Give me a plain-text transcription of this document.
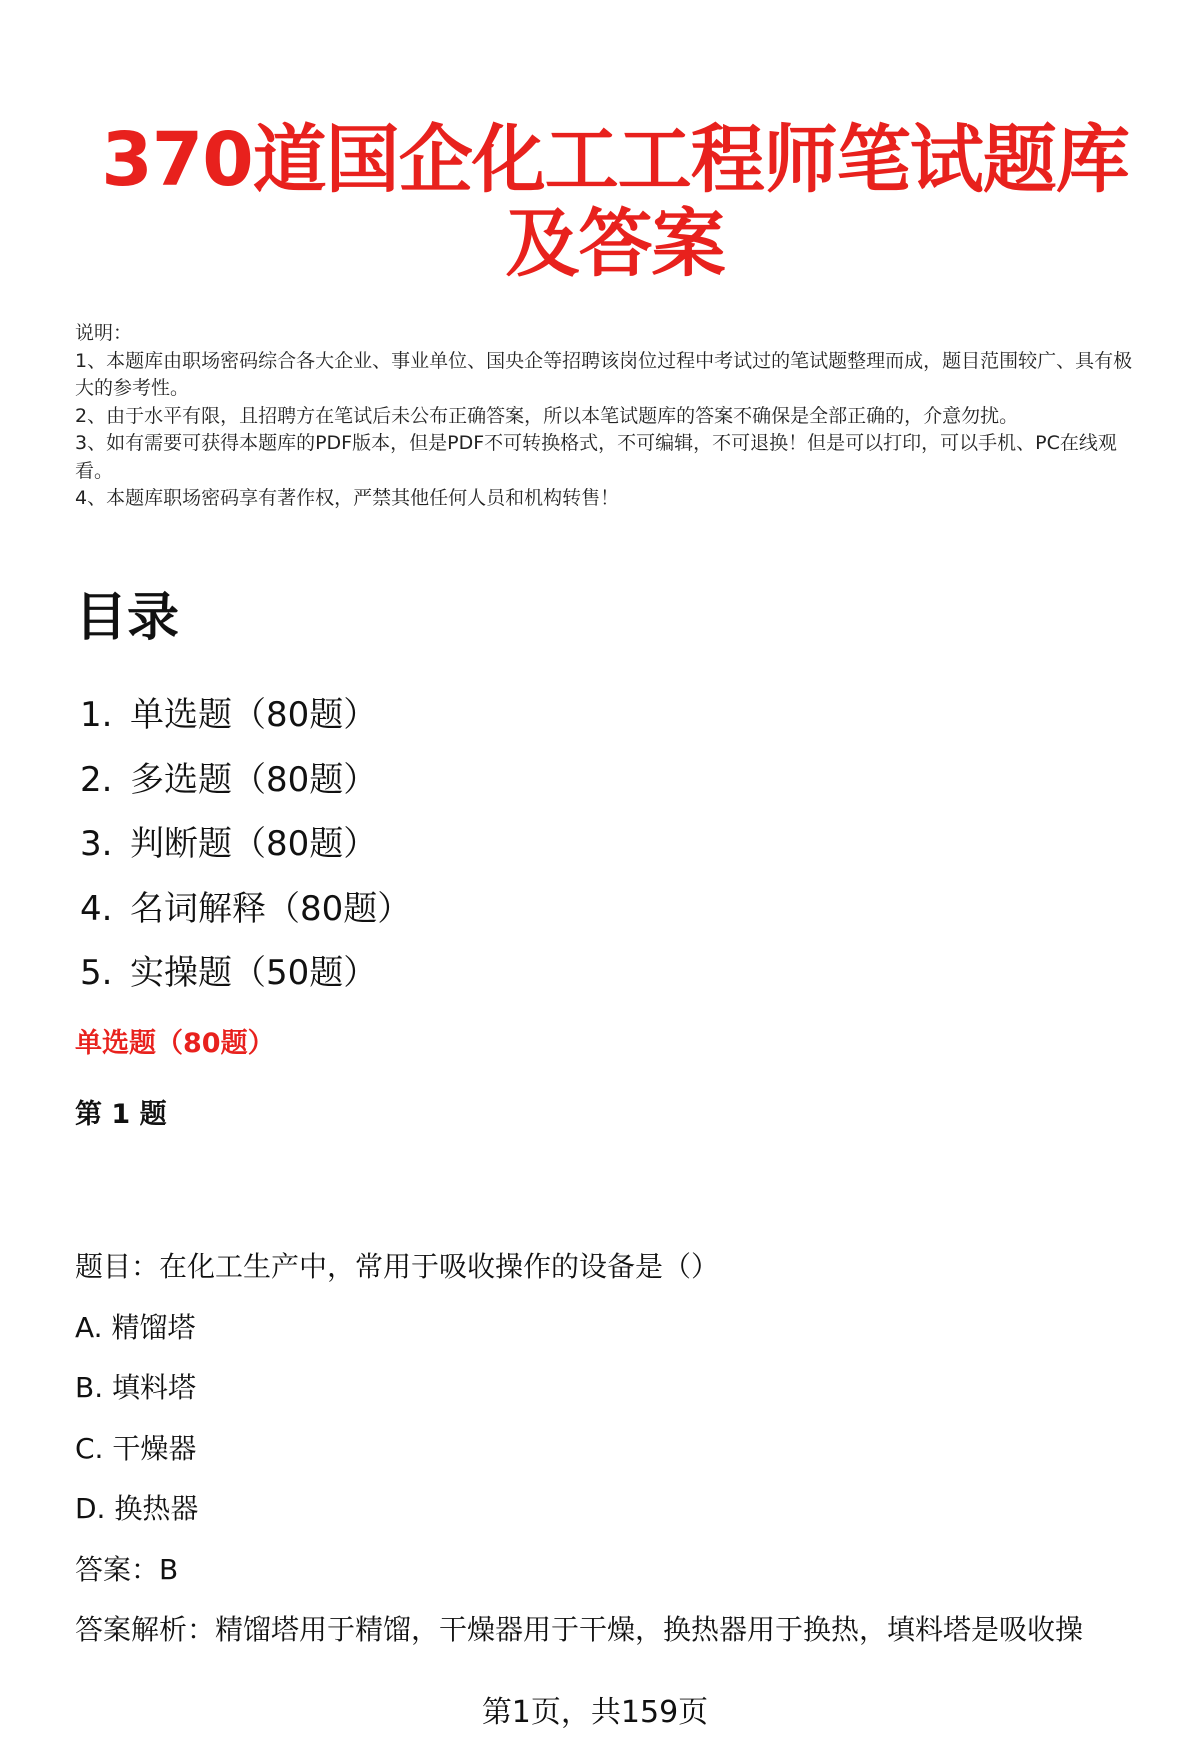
370道国企化工工程师笔试题库及答案
说明：
1、本题库由职场密码综合各大企业、事业单位、国央企等招聘该岗位过程中考试过的笔试题整理而成，题目范围较广、具有极大的参考性。
2、由于水平有限，且招聘方在笔试后未公布正确答案，所以本笔试题库的答案不确保是全部正确的，介意勿扰。
3、如有需要可获得本题库的PDF版本，但是PDF不可转换格式，不可编辑，不可退换！但是可以打印，可以手机、PC在线观看。
4、本题库职场密码享有著作权，严禁其他任何人员和机构转售！
目录
1. 单选题（80题）
2. 多选题（80题）
3. 判断题（80题）
4. 名词解释（80题）
5. 实操题（50题）
单选题（80题）
第 1 题
题目：在化工生产中，常用于吸收操作的设备是（）
A. 精馏塔
B. 填料塔
C. 干燥器
D. 换热器
答案：B
答案解析：精馏塔用于精馏，干燥器用于干燥，换热器用于换热，填料塔是吸收操
第1页，共159页
